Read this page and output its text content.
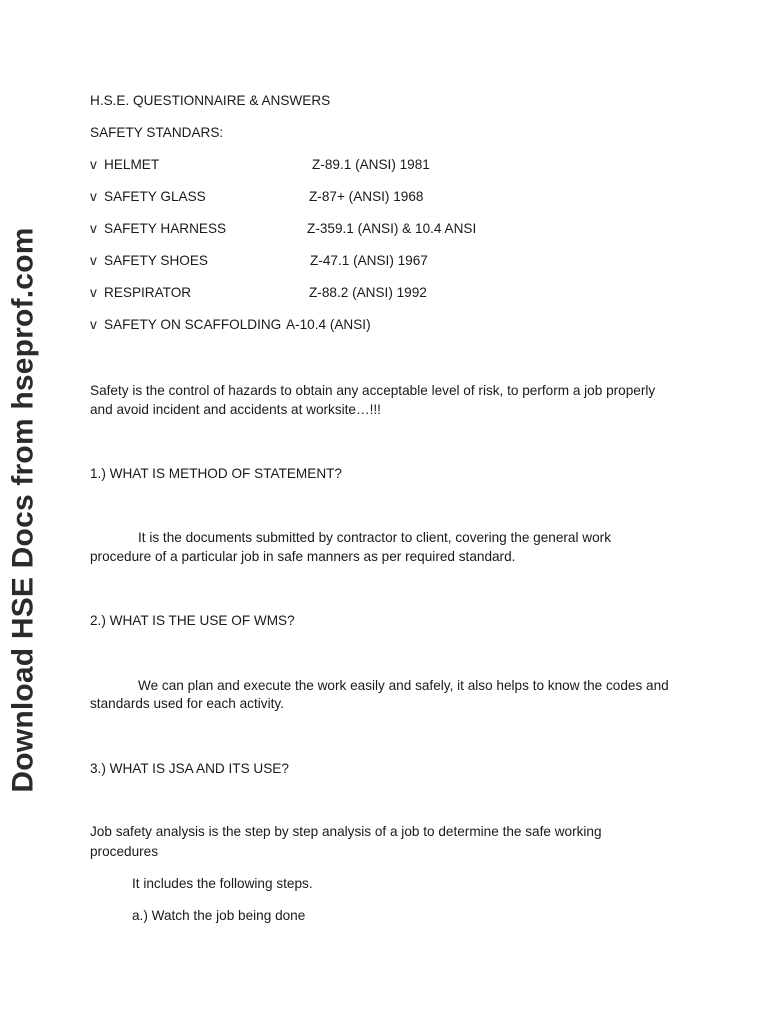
Download HSE Docs from hseprof.com
H.S.E. QUESTIONNAIRE & ANSWERS
SAFETY STANDARS:
v HELMET	Z-89.1 (ANSI) 1981
v SAFETY GLASS	Z-87+ (ANSI) 1968
v SAFETY HARNESS	Z-359.1 (ANSI) & 10.4 ANSI
v SAFETY SHOES	Z-47.1 (ANSI) 1967
v RESPIRATOR	Z-88.2 (ANSI) 1992
v SAFETY ON SCAFFOLDING A-10.4 (ANSI)
Safety is the control of hazards to obtain any acceptable level of risk, to perform a job properly
and avoid incident and accidents at worksite…!!!
1.) WHAT IS METHOD OF STATEMENT?
It is the documents submitted by contractor to client, covering the general work
procedure of a particular job in safe manners as per required standard.
2.) WHAT IS THE USE OF WMS?
We can plan and execute the work easily and safely, it also helps to know the codes and
standards used for each activity.
3.) WHAT IS JSA AND ITS USE?
Job safety analysis is the step by step analysis of a job to determine the safe working
procedures
It includes the following steps.
a.) Watch the job being done
